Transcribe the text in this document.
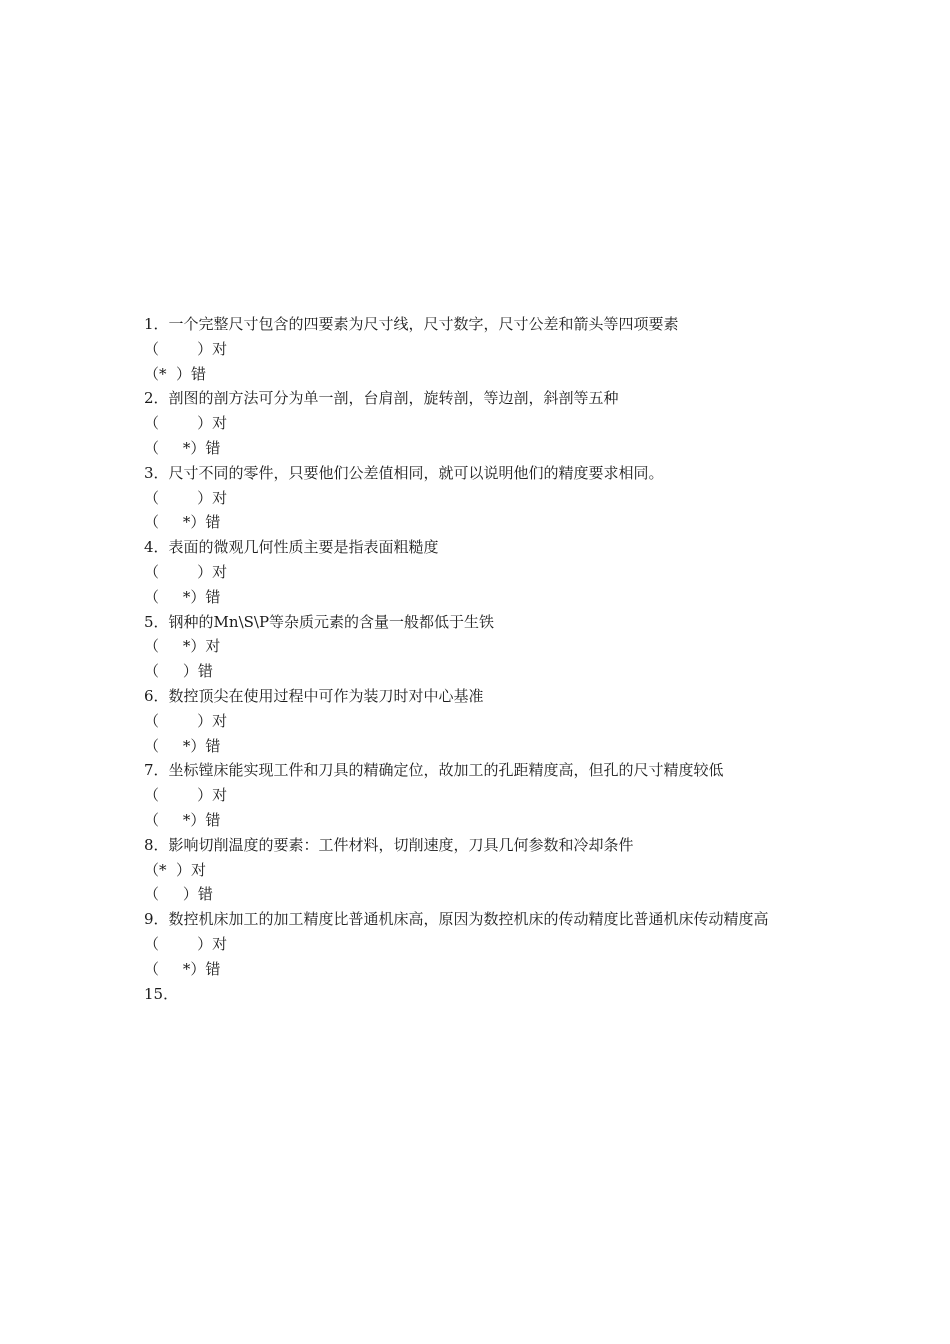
1．一个完整尺寸包含的四要素为尺寸线，尺寸数字，尺寸公差和箭头等四项要素

（        ）对

（*  ）错

2．剖图的剖方法可分为单一剖，台肩剖，旋转剖，等边剖，斜剖等五种

（        ）对

（     *）错

3．尺寸不同的零件，只要他们公差值相同，就可以说明他们的精度要求相同。

（        ）对

（     *）错

4．表面的微观几何性质主要是指表面粗糙度

（        ）对

（     *）错

5．钢种的Mn\S\P等杂质元素的含量一般都低于生铁

（     *）对

（     ）错

6．数控顶尖在使用过程中可作为装刀时对中心基准

（        ）对

（     *）错

7．坐标镗床能实现工件和刀具的精确定位，故加工的孔距精度高，但孔的尺寸精度较低

（        ）对

（     *）错

8．影响切削温度的要素：工件材料，切削速度，刀具几何参数和冷却条件

（*  ）对

（     ）错

9．数控机床加工的加工精度比普通机床高，原因为数控机床的传动精度比普通机床传动精度高

（        ）对

（     *）错

15．
